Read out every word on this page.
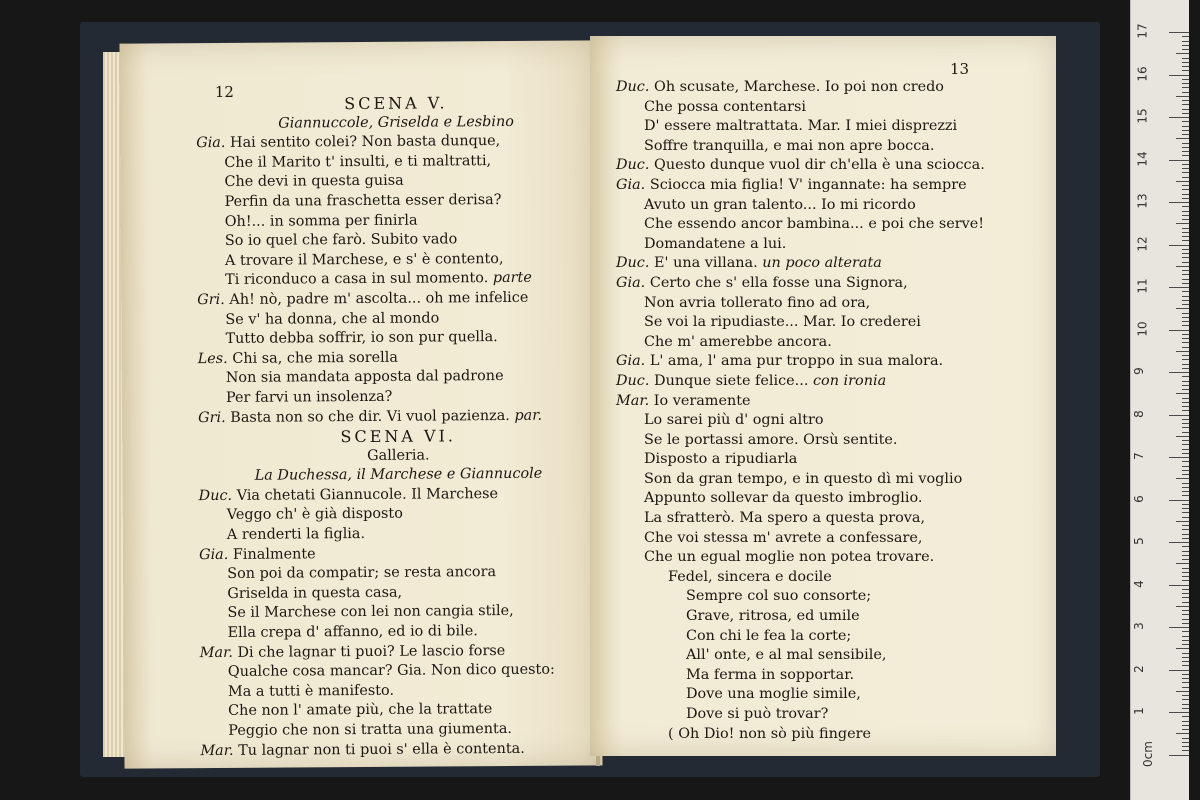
12
SCENA V.
Giannuccole, Griselda e Lesbino
Gia. Hai sentito colei? Non basta dunque,
Che il Marito t' insulti, e ti maltratti,
Che devi in questa guisa
Perfin da una fraschetta esser derisa?
Oh!... in somma per finirla
So io quel che farò. Subito vado
A trovare il Marchese, e s' è contento,
Ti riconduco a casa in sul momento. parte
Gri. Ah! nò, padre m' ascolta... oh me infelice
Se v' ha donna, che al mondo
Tutto debba soffrir, io son pur quella.
Les. Chi sa, che mia sorella
Non sia mandata apposta dal padrone
Per farvi un insolenza?
Gri. Basta non so che dir. Vi vuol pazienza. par.
SCENA VI.
Galleria.
La Duchessa, il Marchese e Giannucole
Duc. Via chetati Giannucole. Il Marchese
Veggo ch' è già disposto
A renderti la figlia.
Gia. Finalmente
Son poi da compatir; se resta ancora
Griselda in questa casa,
Se il Marchese con lei non cangia stile,
Ella crepa d' affanno, ed io di bile.
Mar. Di che lagnar ti puoi? Le lascio forse
Qualche cosa mancar? Gia. Non dico questo:
Ma a tutti è manifesto.
Che non l' amate più, che la trattate
Peggio che non si tratta una giumenta.
Mar. Tu lagnar non ti puoi s' ella è contenta.
13
Duc. Oh scusate, Marchese. Io poi non credo
Che possa contentarsi
D' essere maltrattata. Mar. I miei disprezzi
Soffre tranquilla, e mai non apre bocca.
Duc. Questo dunque vuol dir ch'ella è una sciocca.
Gia. Sciocca mia figlia! V' ingannate: ha sempre
Avuto un gran talento... Io mi ricordo
Che essendo ancor bambina... e poi che serve!
Domandatene a lui.
Duc. E' una villana. un poco alterata
Gia. Certo che s' ella fosse una Signora,
Non avria tollerato fino ad ora,
Se voi la ripudiaste... Mar. Io crederei
Che m' amerebbe ancora.
Gia. L' ama, l' ama pur troppo in sua malora.
Duc. Dunque siete felice... con ironia
Mar. Io veramente
Lo sarei più d' ogni altro
Se le portassi amore. Orsù sentite.
Disposto a ripudiarla
Son da gran tempo, e in questo dì mi voglio
Appunto sollevar da questo imbroglio.
La sfratterò. Ma spero a questa prova,
Che voi stessa m' avrete a confessare,
Che un egual moglie non potea trovare.
Fedel, sincera e docile
Sempre col suo consorte;
Grave, ritrosa, ed umile
Con chi le fea la corte;
All' onte, e al mal sensibile,
Ma ferma in sopportar.
Dove una moglie simile,
Dove si può trovar?
( Oh Dio! non sò più fingere
17
16
15
14
13
12
11
10
9
8
7
6
5
4
3
2
1
0cm
